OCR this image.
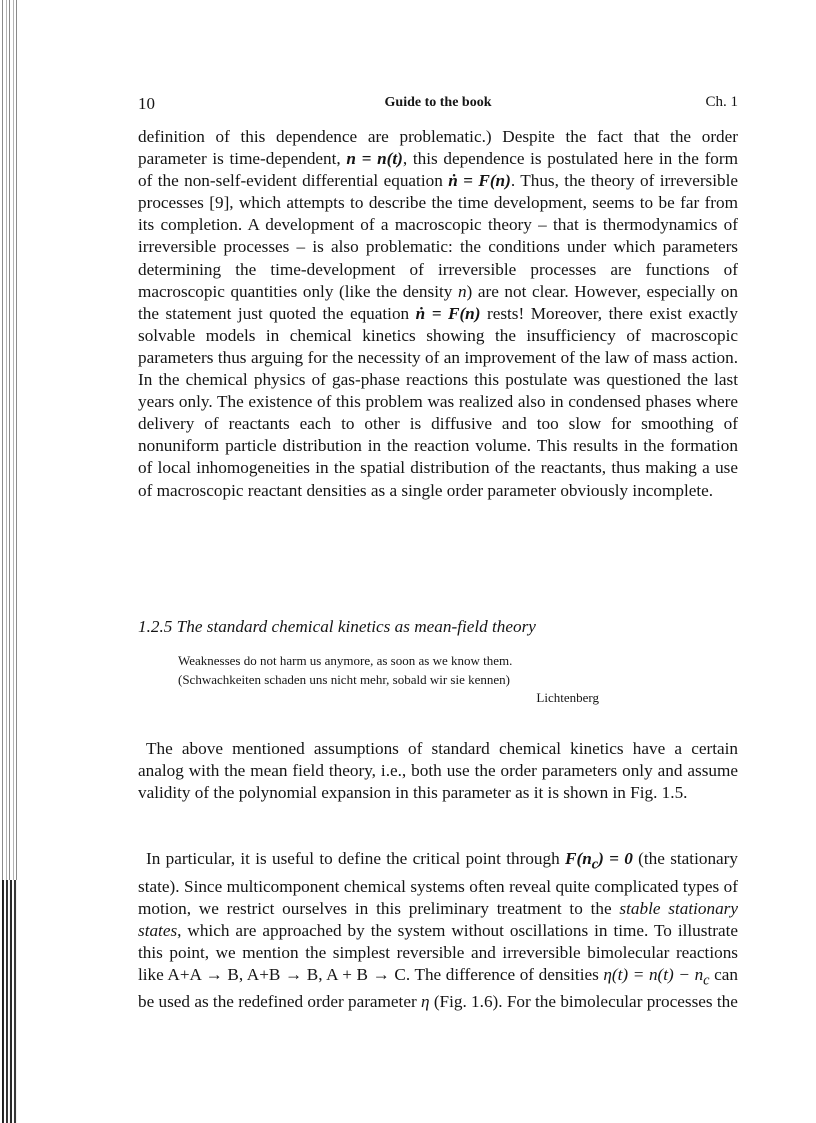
10	Guide to the book	Ch. 1
definition of this dependence are problematic.) Despite the fact that the order parameter is time-dependent, n = n(t), this dependence is postulated here in the form of the non-self-evident differential equation ṅ = F(n). Thus, the theory of irreversible processes [9], which attempts to describe the time development, seems to be far from its completion. A development of a macroscopic theory – that is thermodynamics of irreversible processes – is also problematic: the conditions under which parameters determining the time-development of irreversible processes are functions of macroscopic quantities only (like the density n) are not clear. However, especially on the statement just quoted the equation ṅ = F(n) rests! Moreover, there exist exactly solvable models in chemical kinetics showing the insufficiency of macroscopic parameters thus arguing for the necessity of an improvement of the law of mass action. In the chemical physics of gas-phase reactions this postulate was questioned the last years only. The existence of this problem was realized also in condensed phases where delivery of reactants each to other is diffusive and too slow for smoothing of nonuniform particle distribution in the reaction volume. This results in the formation of local inhomogeneities in the spatial distribution of the reactants, thus making a use of macroscopic reactant densities as a single order parameter obviously incomplete.
1.2.5 The standard chemical kinetics as mean-field theory
Weaknesses do not harm us anymore, as soon as we know them.
(Schwachkeiten schaden uns nicht mehr, sobald wir sie kennen)
Lichtenberg
The above mentioned assumptions of standard chemical kinetics have a certain analog with the mean field theory, i.e., both use the order parameters only and assume validity of the polynomial expansion in this parameter as it is shown in Fig. 1.5.
In particular, it is useful to define the critical point through $F(n_c) = 0$ (the stationary state). Since multicomponent chemical systems often reveal quite complicated types of motion, we restrict ourselves in this preliminary treatment to the stable stationary states, which are approached by the system without oscillations in time. To illustrate this point, we mention the simplest reversible and irreversible bimolecular reactions like A+A → B, A+B → B, A + B → C. The difference of densities $\eta(t) = n(t) - n_c$ can be used as the redefined order parameter η (Fig. 1.6). For the bimolecular processes the
